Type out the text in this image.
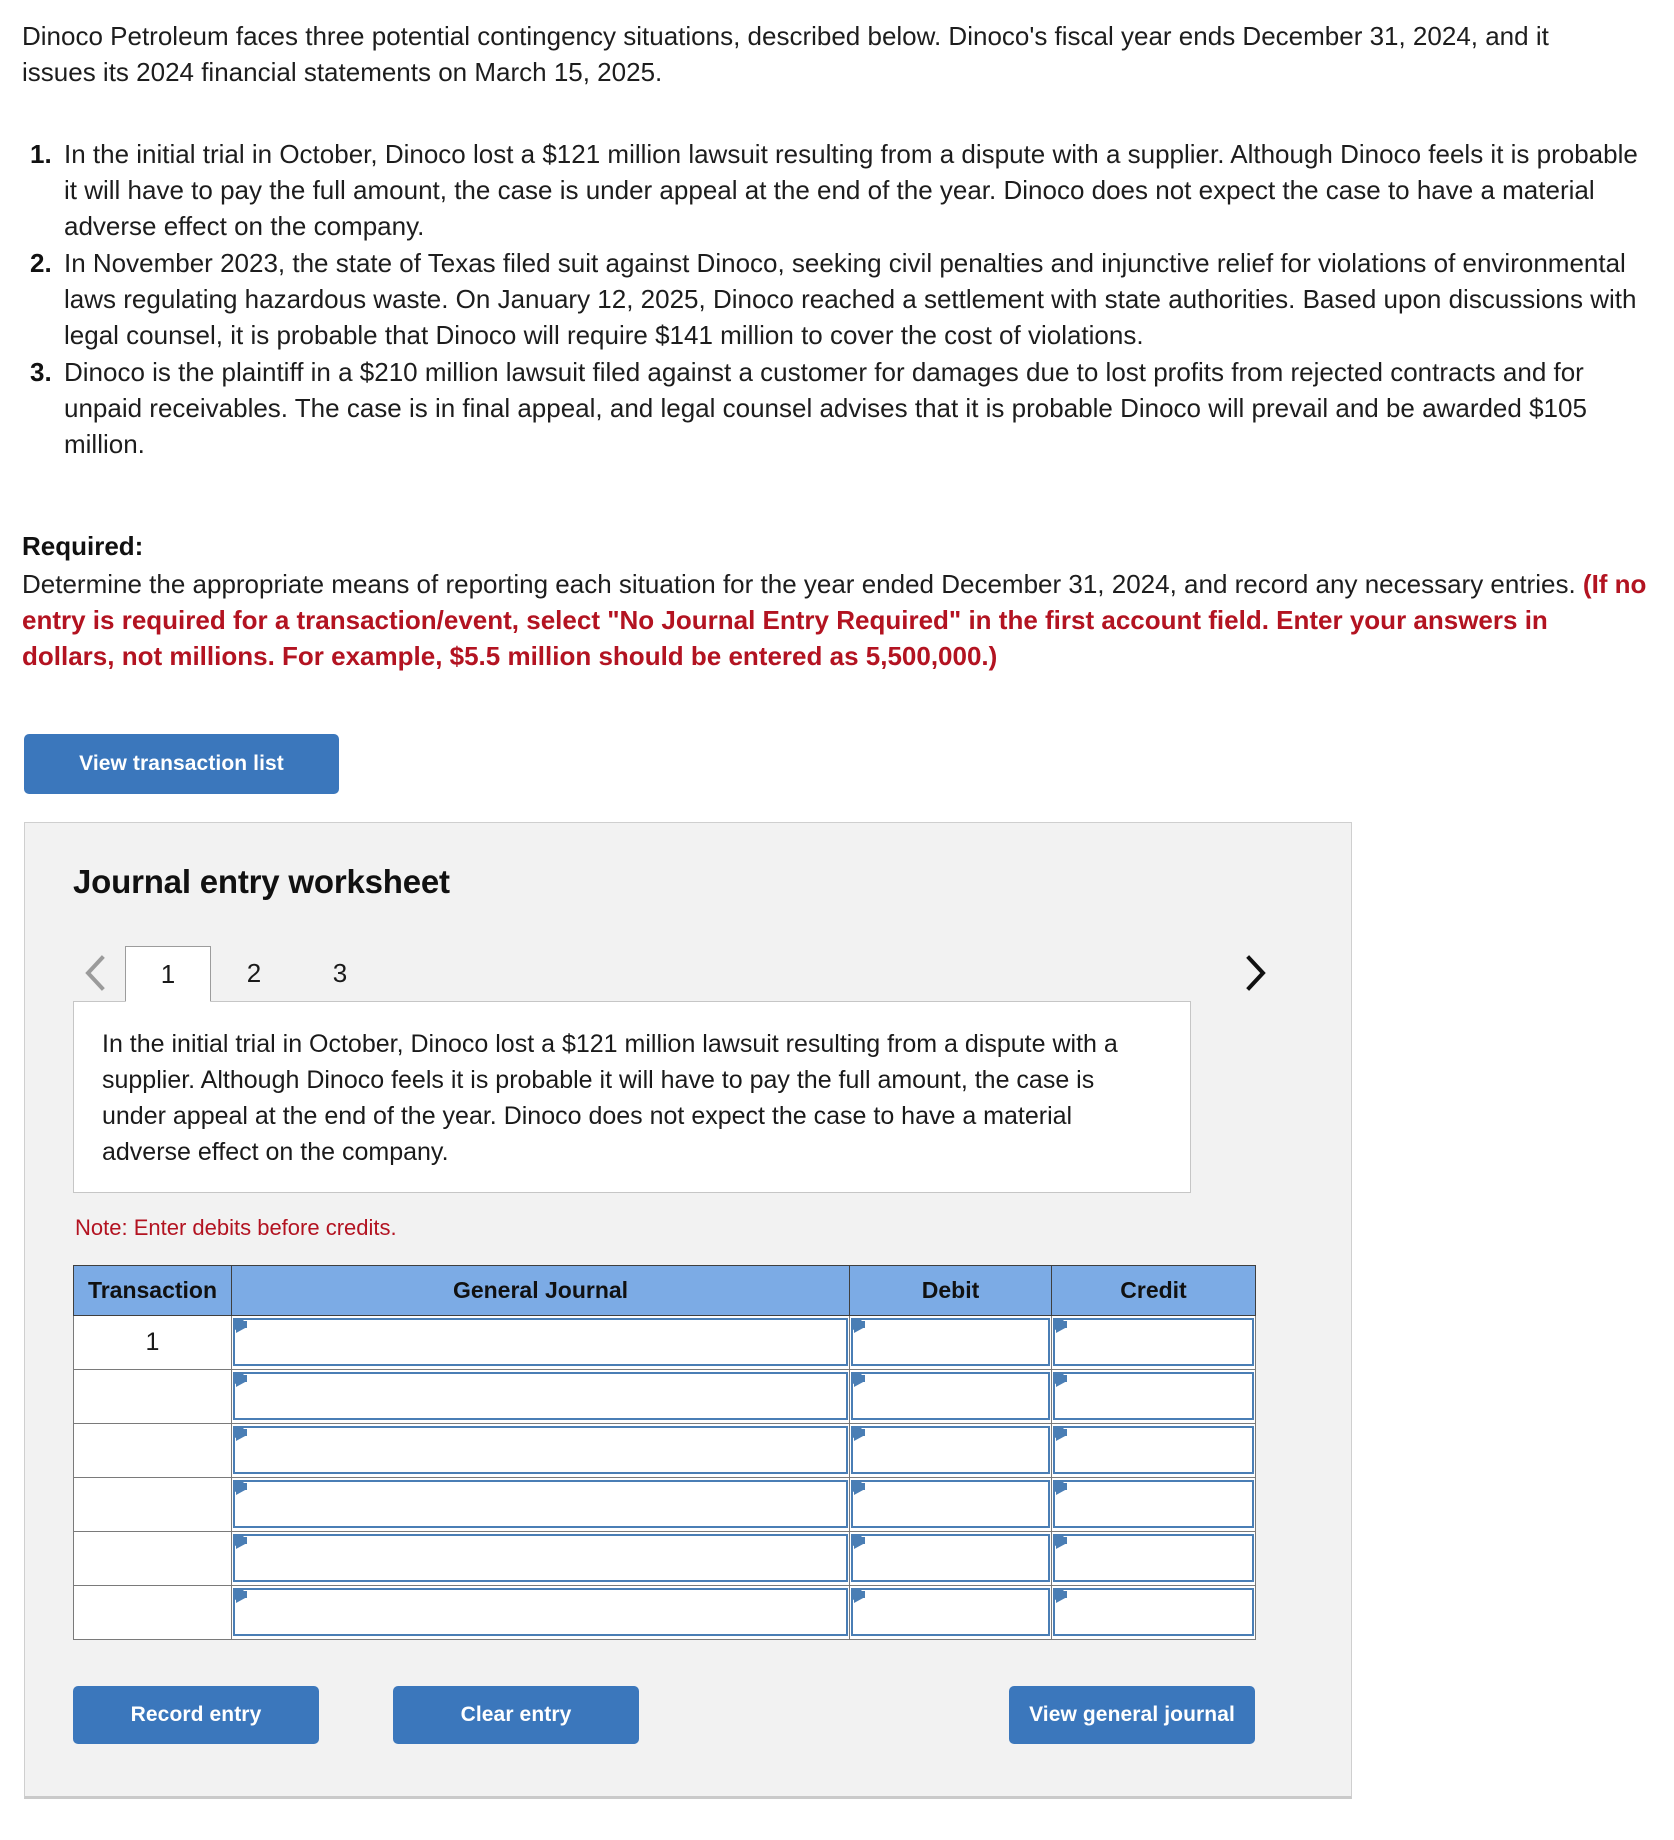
Dinoco Petroleum faces three potential contingency situations, described below. Dinoco's fiscal year ends December 31, 2024, and it issues its 2024 financial statements on March 15, 2025.

1. In the initial trial in October, Dinoco lost a $121 million lawsuit resulting from a dispute with a supplier. Although Dinoco feels it is probable it will have to pay the full amount, the case is under appeal at the end of the year. Dinoco does not expect the case to have a material adverse effect on the company.
2. In November 2023, the state of Texas filed suit against Dinoco, seeking civil penalties and injunctive relief for violations of environmental laws regulating hazardous waste. On January 12, 2025, Dinoco reached a settlement with state authorities. Based upon discussions with legal counsel, it is probable that Dinoco will require $141 million to cover the cost of violations.
3. Dinoco is the plaintiff in a $210 million lawsuit filed against a customer for damages due to lost profits from rejected contracts and for unpaid receivables. The case is in final appeal, and legal counsel advises that it is probable Dinoco will prevail and be awarded $105 million.
Required:

Determine the appropriate means of reporting each situation for the year ended December 31, 2024, and record any necessary entries. (If no entry is required for a transaction/event, select "No Journal Entry Required" in the first account field. Enter your answers in dollars, not millions. For example, $5.5 million should be entered as 5,500,000.)

View transaction list
Journal entry worksheet
1	2	3
In the initial trial in October, Dinoco lost a $121 million lawsuit resulting from a dispute with a supplier. Although Dinoco feels it is probable it will have to pay the full amount, the case is under appeal at the end of the year. Dinoco does not expect the case to have a material adverse effect on the company.
Note: Enter debits before credits.
Transaction	General Journal	Debit	Credit
1	

Record entry	Clear entry	View general journal
